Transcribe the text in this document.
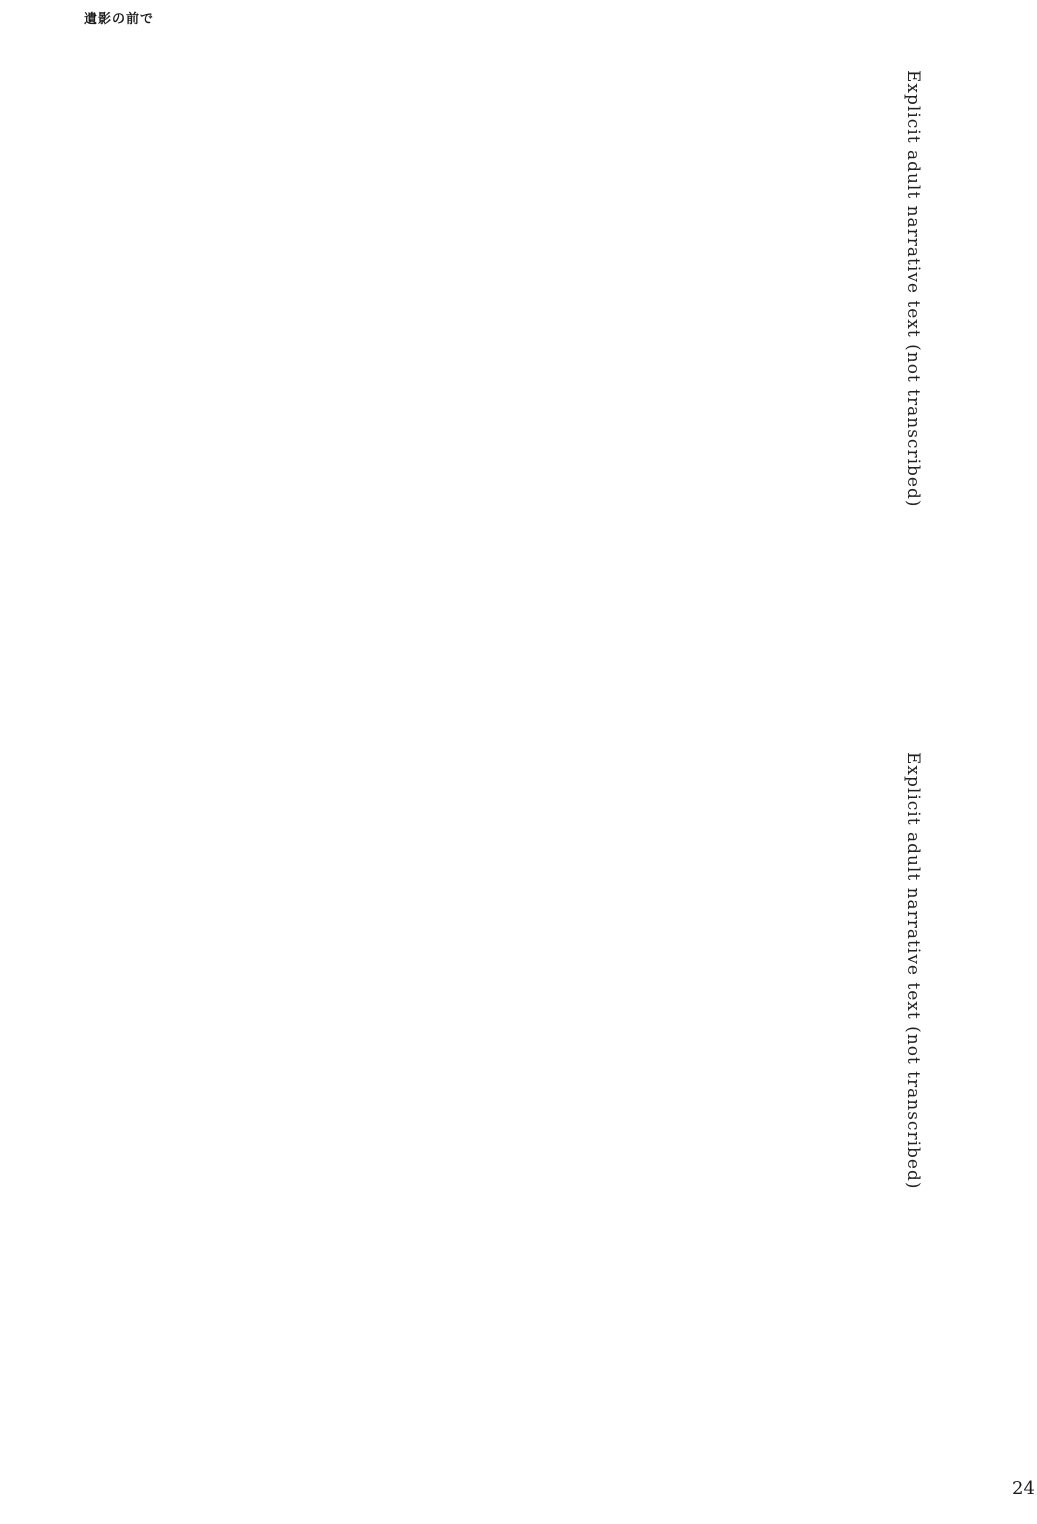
遺影の前で
Explicit adult narrative text (not transcribed)
Explicit adult narrative text (not transcribed)
24
